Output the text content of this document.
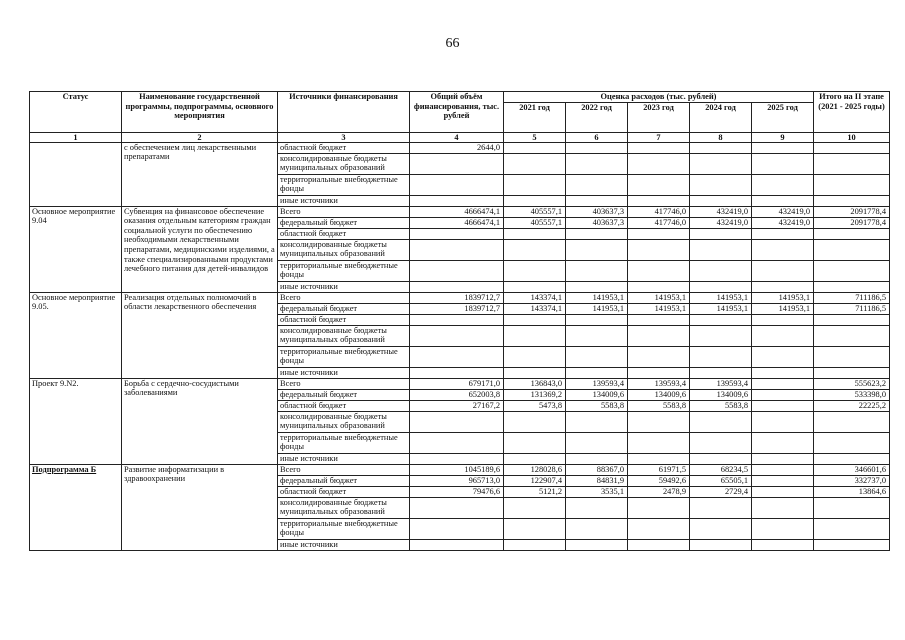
66
Статус	Наименование государственной программы, подпрограммы, основного мероприятия	Источники финансирования	Общий объём финансирования, тыс. рублей	Оценка расходов (тыс. рублей)					Итого на II этапе (2021 - 2025 годы)
				2021 год	2022 год	2023 год	2024 год	2025 год	
1	2	3	4	5	6	7	8	9	10
	с обеспечением лиц лекарственными препаратами	областной бюджет	2644,0						
		консолидированные бюджеты муниципальных образований							
		территориальные внебюджетные фонды							
		иные источники							
Основное мероприятие 9.04	Субвенция на финансовое обеспечение оказания отдельным категориям граждан социальной услуги по обеспечению необходимыми лекарственными препаратами, медицинскими изделиями, а также специализированными продуктами лечебного питания для детей-инвалидов	Всего	4666474,1	405557,1	403637,3	417746,0	432419,0	432419,0	2091778,4
		федеральный бюджет	4666474,1	405557,1	403637,3	417746,0	432419,0	432419,0	2091778,4
		областной бюджет							
		консолидированные бюджеты муниципальных образований							
		территориальные внебюджетные фонды							
		иные источники							
Основное мероприятие 9.05.	Реализация отдельных полномочий в области лекарственного обеспечения	Всего	1839712,7	143374,1	141953,1	141953,1	141953,1	141953,1	711186,5
		федеральный бюджет	1839712,7	143374,1	141953,1	141953,1	141953,1	141953,1	711186,5
		областной бюджет							
		консолидированные бюджеты муниципальных образований							
		территориальные внебюджетные фонды							
		иные источники							
Проект 9.N2.	Борьба с сердечно-сосудистыми заболеваниями	Всего	679171,0	136843,0	139593,4	139593,4	139593,4		555623,2
		федеральный бюджет	652003,8	131369,2	134009,6	134009,6	134009,6		533398,0
		областной бюджет	27167,2	5473,8	5583,8	5583,8	5583,8		22225,2
		консолидированные бюджеты муниципальных образований							
		территориальные внебюджетные фонды							
		иные источники							
Подпрограмма Б	Развитие информатизации в здравоохранении	Всего	1045189,6	128028,6	88367,0	61971,5	68234,5		346601,6
		федеральный бюджет	965713,0	122907,4	84831,9	59492,6	65505,1		332737,0
		областной бюджет	79476,6	5121,2	3535,1	2478,9	2729,4		13864,6
		консолидированные бюджеты муниципальных образований							
		территориальные внебюджетные фонды							
		иные источники							
